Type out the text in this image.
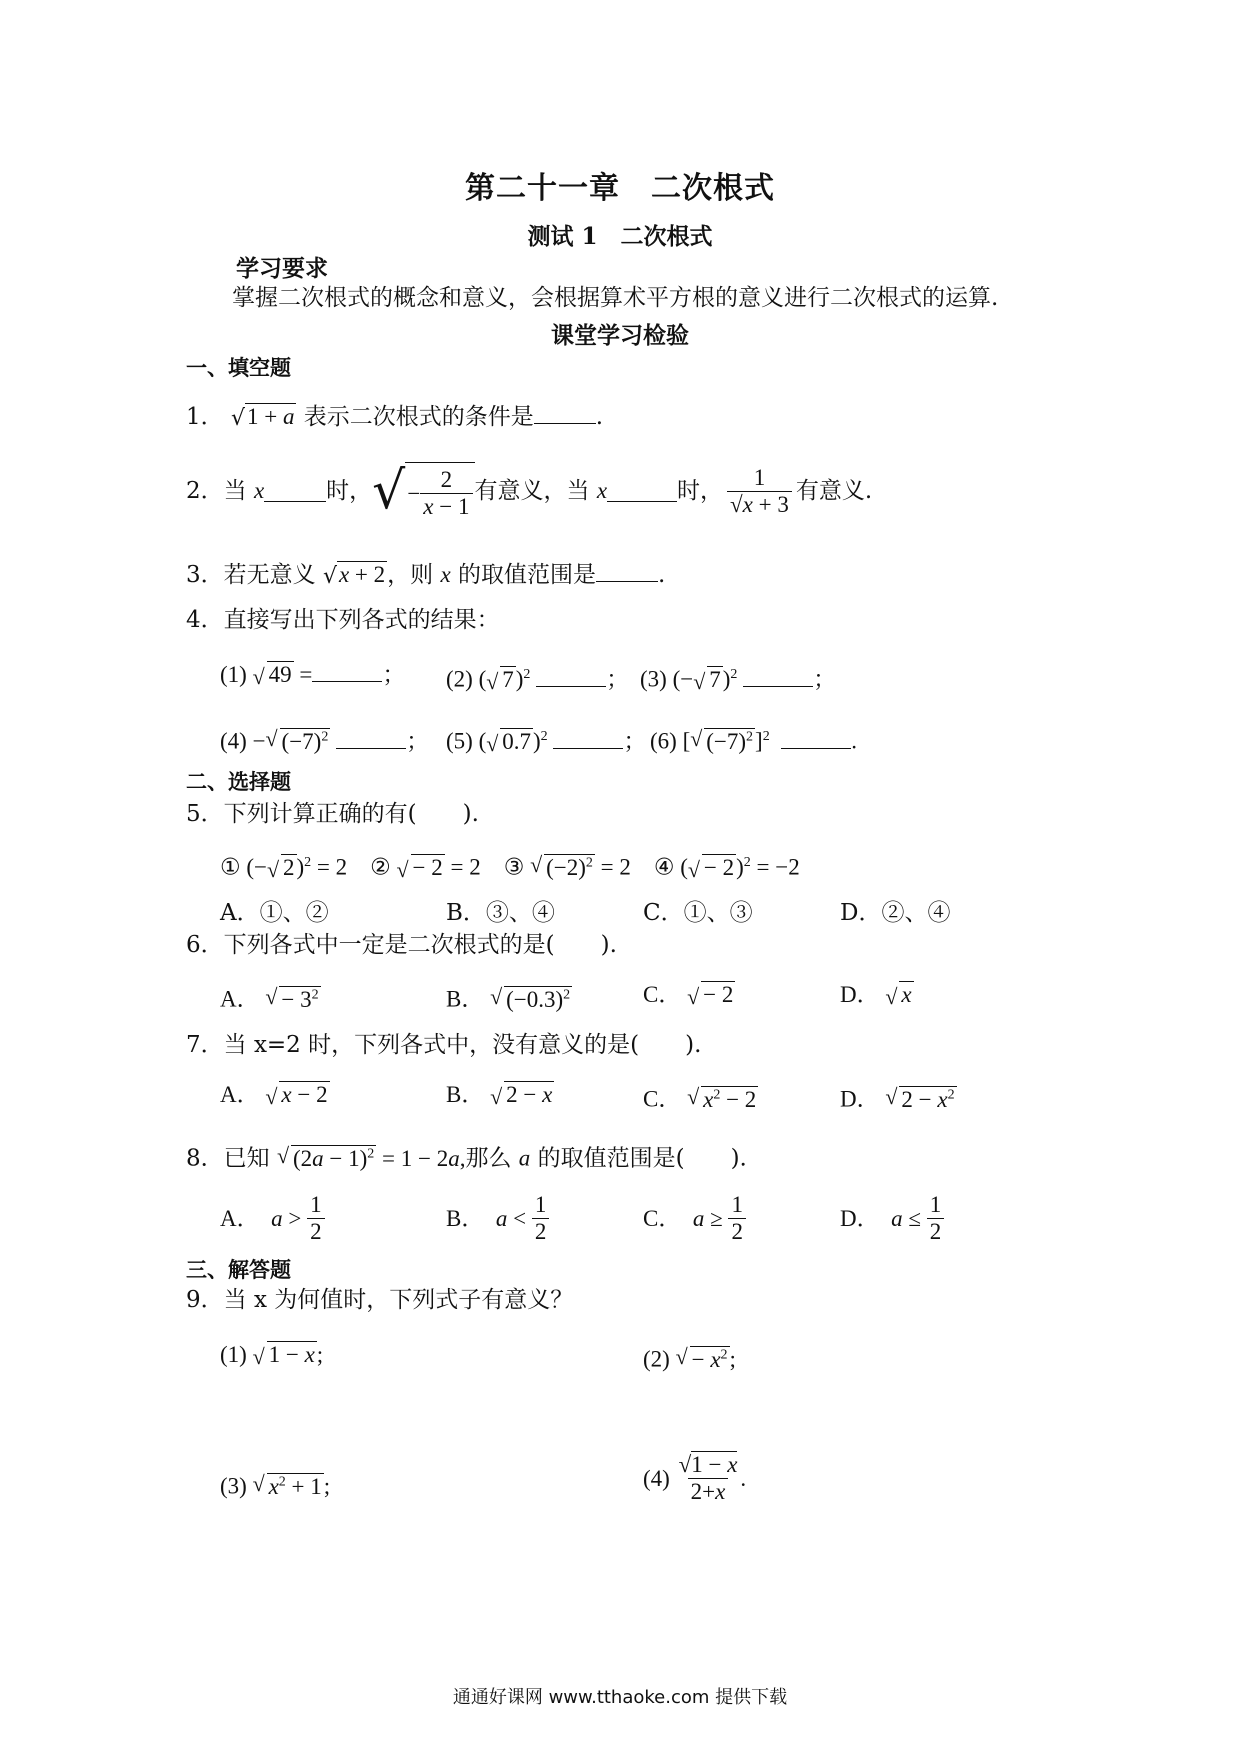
第二十一章　二次根式
测试 1　二次根式
学习要求
掌握二次根式的概念和意义，会根据算术平方根的意义进行二次根式的运算.
课堂学习检验
一、填空题
1． √ 1 + a 表示二次根式的条件是	.
2．当
x	时， √ − $\frac{2}{x - 1}$ 有意义，当
x	时， $\frac{1}{√x + 3}$ 有意义.
3．若无意义 √ x + 2，则 x 的取值范围是	.
4．直接写出下列各式的结果：
(1) √ 49 =	； (2) ( √ 7)$^2$	； (3) (− √ 7)$^2$	；
(4) − √ $(-7)^2$	； (5) ( √ 0.7)$^2$	； (6) [ √ $(-7)^2]^2$	.
二、选择题
5．下列计算正确的有(　　).
① (− √ 2)$^2$ = 2    ② √ − 2 = 2    ③ √ $(-2)^2 = 2$    ④ ( √ − 2)$^2$ = −2
A．①、②	B．③、④	C．①、③	D．②、④
6．下列各式中一定是二次根式的是(　　).
A． √ − $3^2$	B． √ $(-0.3)^2$	C． √ − 2	D． √ x
7．当 x=2 时，下列各式中，没有意义的是(　　).
A． √ x − 2	B． √ 2 − x	C． √ $x^2 - 2$	D． √ $2 - x^2$
8．已知 √ $(2a - 1)^2 = 1 - 2a$,那么 a 的取值范围是(　　).
A． $a > \frac{1}{2}$	B． $a < \frac{1}{2}$	C． $a \ge \frac{1}{2}$	D． $a \le \frac{1}{2}$
三、解答题
9．当 x 为何值时，下列式子有意义？
(1) √ 1 − x;	(2) √ − $x^2$;
(3) √ $x^2 + 1$;	$(4) \frac{√1 - x}{2+x}$ .
通通好课网 www.tthaoke.com 提供下载
